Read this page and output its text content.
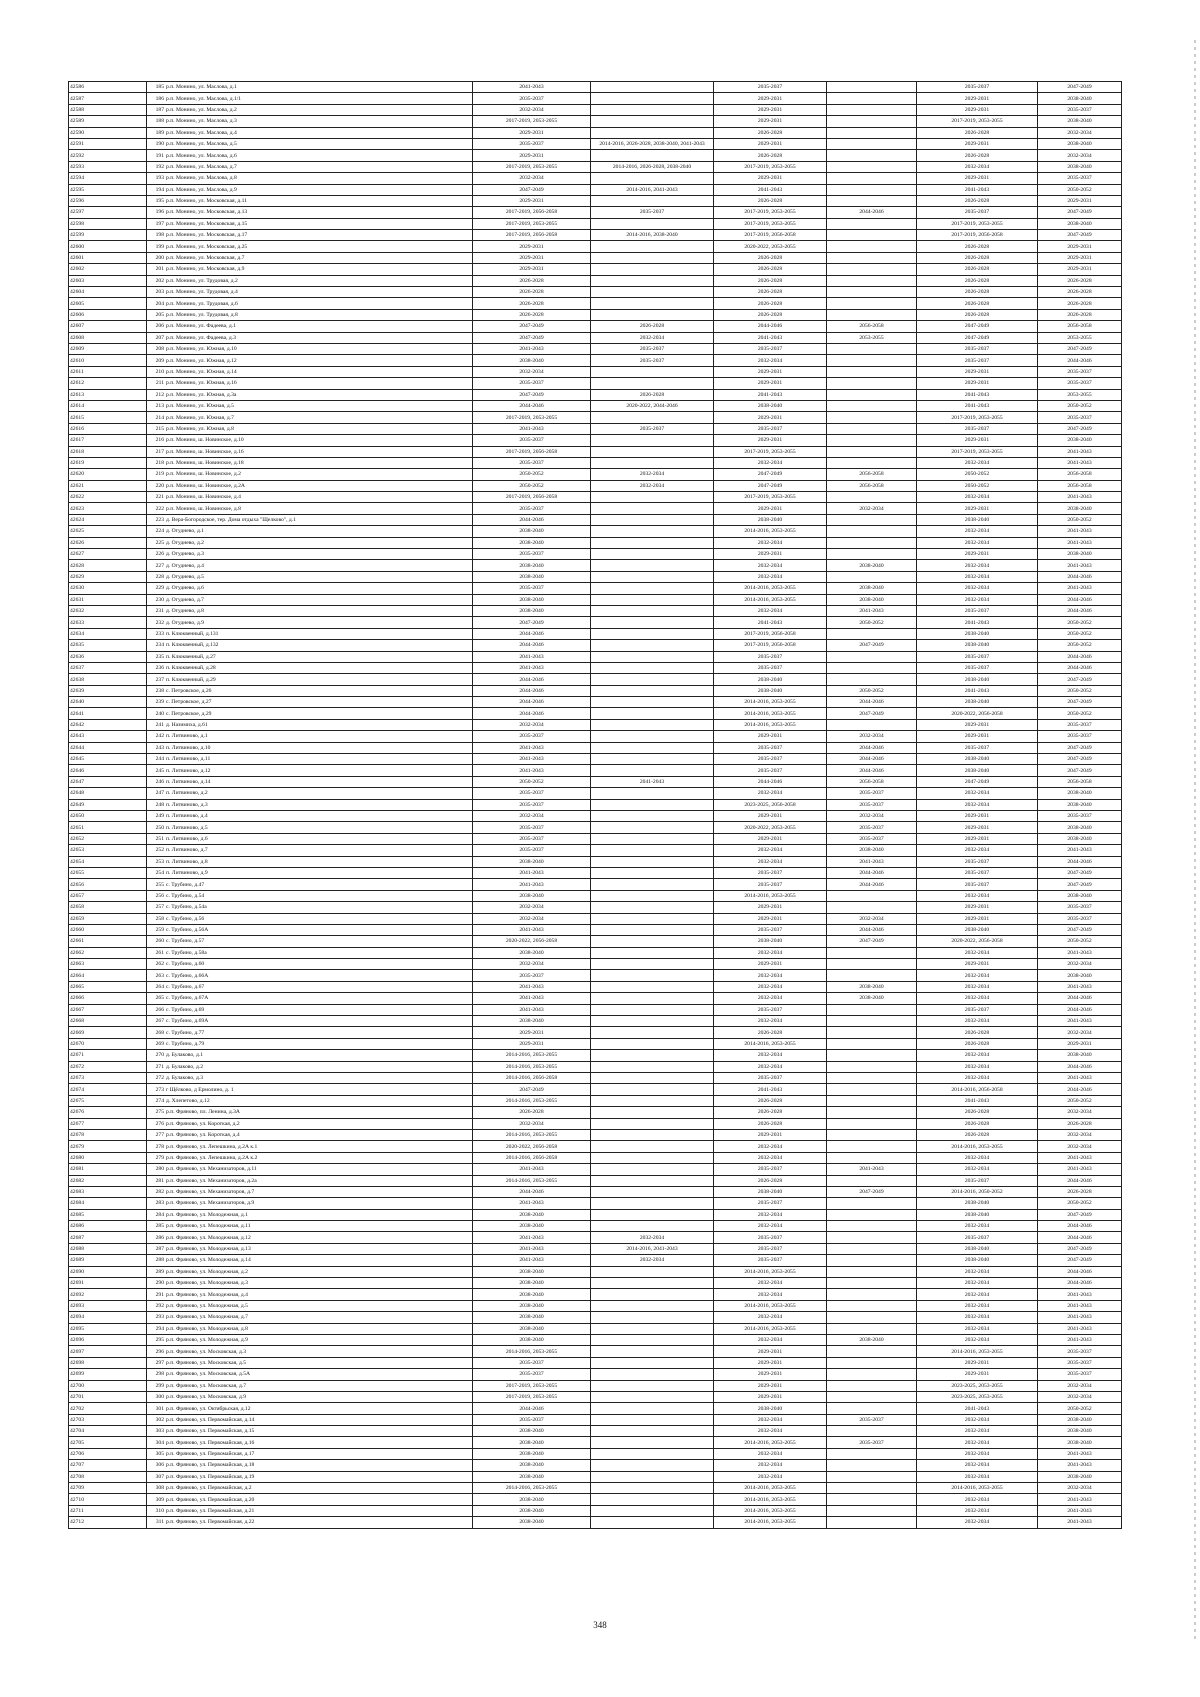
42586	185	р.п. Монино, ул. Маслова, д.1	2041-2043		2035-2037		2035-2037	2047-2049
42587	186	р.п. Монино, ул. Маслова, д.1/1	2035-2037		2029-2031		2029-2031	2038-2040
42588	187	р.п. Монино, ул. Маслова, д.2	2032-2034		2029-2031		2029-2031	2035-2037
42589	188	р.п. Монино, ул. Маслова, д.3	2017-2019, 2053-2055		2029-2031		2017-2019, 2053-2055	2038-2040
42590	189	р.п. Монино, ул. Маслова, д.4	2029-2031		2026-2028		2026-2028	2032-2034
42591	190	р.п. Монино, ул. Маслова, д.5	2035-2037	2014-2016, 2026-2028, 2038-2040, 2041-2043	2029-2031		2029-2031	2038-2040
42592	191	р.п. Монино, ул. Маслова, д.6	2029-2031		2026-2028		2026-2028	2032-2034
42593	192	р.п. Монино, ул. Маслова, д.7	2017-2019, 2053-2055	2014-2016, 2026-2028, 2038-2040	2017-2019, 2053-2055		2032-2034	2038-2040
42594	193	р.п. Монино, ул. Маслова, д.8	2032-2034		2029-2031		2029-2031	2035-2037
42595	194	р.п. Монино, ул. Маслова, д.9	2047-2049	2014-2016, 2041-2043	2041-2043		2041-2043	2050-2052
42596	195	р.п. Монино, ул. Московская, д.11	2029-2031		2026-2028		2026-2028	2029-2031
42597	196	р.п. Монино, ул. Московская, д.13	2017-2019, 2056-2058	2035-2037	2017-2019, 2053-2055	2044-2046	2035-2037	2047-2049
42598	197	р.п. Монино, ул. Московская, д.15	2017-2019, 2053-2055		2017-2019, 2053-2055		2017-2019, 2053-2055	2038-2040
42599	198	р.п. Монино, ул. Московская, д.17	2017-2019, 2056-2058	2014-2016, 2038-2040	2017-2019, 2056-2058		2017-2019, 2056-2058	2047-2049
42600	199	р.п. Монино, ул. Московская, д.25	2029-2031		2020-2022, 2053-2055		2026-2028	2029-2031
42601	200	р.п. Монино, ул. Московская, д.7	2029-2031		2026-2028		2026-2028	2029-2031
42602	201	р.п. Монино, ул. Московская, д.9	2029-2031		2026-2028		2026-2028	2029-2031
42603	202	р.п. Монино, ул. Трудовая, д.2	2026-2028		2026-2028		2026-2028	2026-2028
42604	203	р.п. Монино, ул. Трудовая, д.4	2026-2028		2026-2028		2026-2028	2026-2028
42605	204	р.п. Монино, ул. Трудовая, д.6	2026-2028		2026-2028		2026-2028	2026-2028
42606	205	р.п. Монино, ул. Трудовая, д.8	2026-2028		2026-2028		2026-2028	2026-2028
42607	206	р.п. Монино, ул. Фадеева, д.1	2047-2049	2026-2028	2044-2046	2056-2058	2047-2049	2056-2058
42608	207	р.п. Монино, ул. Фадеева, д.3	2047-2049	2032-2034	2041-2043	2053-2055	2047-2049	2053-2055
42609	208	р.п. Монино, ул. Южная, д.10	2041-2043	2035-2037	2035-2037		2035-2037	2047-2049
42610	209	р.п. Монино, ул. Южная, д.12	2038-2040	2035-2037	2032-2034		2035-2037	2044-2046
42611	210	р.п. Монино, ул. Южная, д.14	2032-2034		2029-2031		2029-2031	2035-2037
42612	211	р.п. Монино, ул. Южная, д.16	2035-2037		2029-2031		2029-2031	2035-2037
42613	212	р.п. Монино, ул. Южная, д.3а	2047-2049	2026-2028	2041-2043		2041-2043	2053-2055
42614	213	р.п. Монино, ул. Южная, д.5	2044-2046	2020-2022, 2044-2046	2038-2040		2041-2043	2050-2052
42615	214	р.п. Монино, ул. Южная, д.7	2017-2019, 2053-2055		2029-2031		2017-2019, 2053-2055	2035-2037
42616	215	р.п. Монино, ул. Южная, д.8	2041-2043	2035-2037	2035-2037		2035-2037	2047-2049
42617	216	р.п. Монино, ш. Новинское, д.10	2035-2037		2029-2031		2029-2031	2038-2040
42618	217	р.п. Монино, ш. Новинское, д.16	2017-2019, 2056-2058		2017-2019, 2053-2055		2017-2019, 2053-2055	2041-2043
42619	218	р.п. Монино, ш. Новинское, д.18	2035-2037		2032-2034		2032-2034	2041-2043
42620	219	р.п. Монино, ш. Новинское, д.2	2050-2052	2032-2034	2047-2049	2056-2058	2050-2052	2056-2058
42621	220	р.п. Монино, ш. Новинское, д.2А	2050-2052	2032-2034	2047-2049	2056-2058	2050-2052	2056-2058
42622	221	р.п. Монино, ш. Новинское, д.4	2017-2019, 2056-2058		2017-2019, 2053-2055		2032-2034	2041-2043
42623	222	р.п. Монино, ш. Новинское, д.8	2035-2037		2029-2031	2032-2034	2029-2031	2038-2040
42624	223	д. Вера-Богородское, тер. Дома отдыха "Щелково", д.1	2044-2046		2038-2040		2038-2040	2050-2052
42625	224	д. Огуднево, д.1	2038-2040		2014-2016, 2053-2055		2032-2034	2041-2043
42626	225	д. Огуднево, д.2	2038-2040		2032-2034		2032-2034	2041-2043
42627	226	д. Огуднево, д.3	2035-2037		2029-2031		2029-2031	2038-2040
42628	227	д. Огуднево, д.4	2038-2040		2032-2034	2038-2040	2032-2034	2041-2043
42629	228	д. Огуднево, д.5	2038-2040		2032-2034		2032-2034	2044-2046
42630	229	д. Огуднево, д.6	2035-2037		2014-2016, 2053-2055	2038-2040	2032-2034	2041-2043
42631	230	д. Огуднево, д.7	2038-2040		2014-2016, 2053-2055	2038-2040	2032-2034	2044-2046
42632	231	д. Огуднево, д.8	2038-2040		2032-2034	2041-2043	2035-2037	2044-2046
42633	232	д. Огуднево, д.9	2047-2049		2041-2043	2050-2052	2041-2043	2050-2052
42634	233	п. Клюквенный, д.131	2044-2046		2017-2019, 2056-2058		2038-2040	2050-2052
42635	234	п. Клюквенный, д.132	2044-2046		2017-2019, 2056-2058	2047-2049	2038-2040	2050-2052
42636	235	п. Клюквенный, д.27	2041-2043		2035-2037		2035-2037	2044-2046
42637	236	п. Клюквенный, д.28	2041-2043		2035-2037		2035-2037	2044-2046
42638	237	п. Клюквенный, д.29	2044-2046		2038-2040		2038-2040	2047-2049
42639	238	с. Петровское, д.26	2044-2046		2038-2040	2050-2052	2041-2043	2050-2052
42640	239	с. Петровское, д.27	2044-2046		2014-2016, 2053-2055	2044-2046	2038-2040	2047-2049
42641	240	с. Петровское, д.29	2044-2046		2014-2016, 2053-2055	2047-2049	2020-2022, 2056-2058	2050-2052
42642	241	д. Назимиха, д.61	2032-2034		2014-2016, 2053-2055		2029-2031	2035-2037
42643	242	п. Литвиново, д.1	2035-2037		2029-2031	2032-2034	2029-2031	2035-2037
42644	243	п. Литвиново, д.10	2041-2043		2035-2037	2044-2046	2035-2037	2047-2049
42645	244	п. Литвиново, д.11	2041-2043		2035-2037	2044-2046	2038-2040	2047-2049
42646	245	п. Литвиново, д.12	2041-2043		2035-2037	2044-2046	2038-2040	2047-2049
42647	246	п. Литвиново, д.14	2050-2052	2041-2043	2044-2046	2056-2058	2047-2049	2056-2058
42648	247	п. Литвиново, д.2	2035-2037		2032-2034	2035-2037	2032-2034	2038-2040
42649	248	п. Литвиново, д.3	2035-2037		2023-2025, 2056-2058	2035-2037	2032-2034	2038-2040
42650	249	п. Литвиново, д.4	2032-2034		2029-2031	2032-2034	2029-2031	2035-2037
42651	250	п. Литвиново, д.5	2035-2037		2020-2022, 2053-2055	2035-2037	2029-2031	2038-2040
42652	251	п. Литвиново, д.6	2035-2037		2029-2031	2035-2037	2029-2031	2038-2040
42653	252	п. Литвиново, д.7	2035-2037		2032-2034	2038-2040	2032-2034	2041-2043
42654	253	п. Литвиново, д.8	2038-2040		2032-2034	2041-2043	2035-2037	2044-2046
42655	254	п. Литвиново, д.9	2041-2043		2035-2037	2044-2046	2035-2037	2047-2049
42656	255	с. Трубино, д.47	2041-2043		2035-2037	2044-2046	2035-2037	2047-2049
42657	256	с. Трубино, д.54	2038-2040		2014-2016, 2053-2055		2032-2034	2038-2040
42658	257	с. Трубино, д.54а	2032-2034		2029-2031		2029-2031	2035-2037
42659	258	с. Трубино, д.56	2032-2034		2029-2031	2032-2034	2029-2031	2035-2037
42660	259	с. Трубино, д.56А	2041-2043		2035-2037	2044-2046	2038-2040	2047-2049
42661	260	с. Трубино, д.57	2020-2022, 2056-2058		2038-2040	2047-2049	2020-2022, 2056-2058	2050-2052
42662	261	с. Трубино, д.58а	2038-2040		2032-2034		2032-2034	2041-2043
42663	262	с. Трубино, д.60	2032-2034		2029-2031		2029-2031	2032-2034
42664	263	с. Трубино, д.66А	2035-2037		2032-2034		2032-2034	2038-2040
42665	264	с. Трубино, д.67	2041-2043		2032-2034	2038-2040	2032-2034	2041-2043
42666	265	с. Трубино, д.67А	2041-2043		2032-2034	2038-2040	2032-2034	2044-2046
42667	266	с. Трубино, д.69	2041-2043		2035-2037		2035-2037	2044-2046
42668	267	с. Трубино, д.69А	2038-2040		2032-2034		2032-2034	2041-2043
42669	268	с. Трубино, д.77	2029-2031		2026-2028		2026-2028	2032-2034
42670	269	с. Трубино, д.79	2029-2031		2014-2016, 2053-2055		2026-2028	2029-2031
42671	270	д. Булаково, д.1	2014-2016, 2053-2055		2032-2034		2032-2034	2038-2040
42672	271	д. Булаково, д.2	2014-2016, 2053-2055		2032-2034		2032-2034	2044-2046
42673	272	д. Булаково, д.3	2014-2016, 2056-2058		2035-2037		2032-2034	2041-2043
42674	273	г Щёлково, д Ермолино, д. 1	2047-2049		2041-2043		2014-2016, 2056-2058	2044-2046
42675	274	д. Хлепетово, д.12	2014-2016, 2053-2055		2026-2028		2041-2043	2050-2052
42676	275	р.п. Фряново, пл. Ленина, д.3А	2026-2028		2026-2028		2026-2028	2032-2034
42677	276	р.п. Фряново, ул. Короткая, д.2	2032-2034		2026-2028		2026-2028	2026-2028
42678	277	р.п. Фряново, ул. Короткая, д.4	2014-2016, 2053-2055		2029-2031		2026-2028	2032-2034
42679	278	р.п. Фряново, ул. Лепешкина, д.2А к.1	2020-2022, 2056-2058		2032-2034		2014-2016, 2053-2055	2032-2034
42680	279	р.п. Фряново, ул. Лепешкина, д.2А к.2	2014-2016, 2056-2058		2032-2034		2032-2034	2041-2043
42681	280	р.п. Фряново, ул. Механизаторов, д.11	2041-2043		2035-2037	2041-2043	2032-2034	2041-2043
42682	281	р.п. Фряново, ул. Механизаторов, д.2а	2014-2016, 2053-2055		2026-2028		2035-2037	2044-2046
42683	282	р.п. Фряново, ул. Механизаторов, д.7	2044-2046		2038-2040	2047-2049	2014-2016, 2050-2052	2026-2028
42684	283	р.п. Фряново, ул. Механизаторов, д.9	2041-2043		2035-2037		2038-2040	2050-2052
42685	284	р.п. Фряново, ул. Молодежная, д.1	2038-2040		2032-2034		2038-2040	2047-2049
42686	285	р.п. Фряново, ул. Молодежная, д.11	2038-2040		2032-2034		2032-2034	2044-2046
42687	286	р.п. Фряново, ул. Молодежная, д.12	2041-2043	2032-2034	2035-2037		2035-2037	2044-2046
42688	287	р.п. Фряново, ул. Молодежная, д.13	2041-2043	2014-2016, 2041-2043	2035-2037		2038-2040	2047-2049
42689	288	р.п. Фряново, ул. Молодежная, д.14	2041-2043	2032-2034	2035-2037		2038-2040	2047-2049
42690	289	р.п. Фряново, ул. Молодежная, д.2	2038-2040		2014-2016, 2053-2055		2032-2034	2044-2046
42691	290	р.п. Фряново, ул. Молодежная, д.3	2038-2040		2032-2034		2032-2034	2044-2046
42692	291	р.п. Фряново, ул. Молодежная, д.4	2038-2040		2032-2034		2032-2034	2041-2043
42693	292	р.п. Фряново, ул. Молодежная, д.5	2038-2040		2014-2016, 2053-2055		2032-2034	2041-2043
42694	293	р.п. Фряново, ул. Молодежная, д.7	2038-2040		2032-2034		2032-2034	2041-2043
42695	294	р.п. Фряново, ул. Молодежная, д.8	2038-2040		2014-2016, 2053-2055		2032-2034	2041-2043
42696	295	р.п. Фряново, ул. Молодежная, д.9	2038-2040		2032-2034	2038-2040	2032-2034	2041-2043
42697	296	р.п. Фряново, ул. Московская, д.3	2014-2016, 2053-2055		2029-2031		2014-2016, 2053-2055	2035-2037
42698	297	р.п. Фряново, ул. Московская, д.5	2035-2037		2029-2031		2029-2031	2035-2037
42699	298	р.п. Фряново, ул. Московская, д.5А	2035-2037		2029-2031		2029-2031	2035-2037
42700	299	р.п. Фряново, ул. Московская, д.7	2017-2019, 2053-2055		2029-2031		2023-2025, 2053-2055	2032-2034
42701	300	р.п. Фряново, ул. Московская, д.9	2017-2019, 2053-2055		2029-2031		2023-2025, 2053-2055	2032-2034
42702	301	р.п. Фряново, ул. Октябрьская, д.12	2044-2046		2038-2040		2041-2043	2050-2052
42703	302	р.п. Фряново, ул. Первомайская, д.14	2035-2037		2032-2034	2035-2037	2032-2034	2038-2040
42704	303	р.п. Фряново, ул. Первомайская, д.15	2038-2040		2032-2034		2032-2034	2038-2040
42705	304	р.п. Фряново, ул. Первомайская, д.16	2038-2040		2014-2016, 2053-2055	2035-2037	2032-2034	2038-2040
42706	305	р.п. Фряново, ул. Первомайская, д.17	2038-2040		2032-2034		2032-2034	2041-2043
42707	306	р.п. Фряново, ул. Первомайская, д.18	2038-2040		2032-2034		2032-2034	2041-2043
42708	307	р.п. Фряново, ул. Первомайская, д.19	2038-2040		2032-2034		2032-2034	2038-2040
42709	308	р.п. Фряново, ул. Первомайская, д.2	2014-2016, 2053-2055		2014-2016, 2053-2055		2014-2016, 2053-2055	2032-2034
42710	309	р.п. Фряново, ул. Первомайская, д.20	2038-2040		2014-2016, 2053-2055		2032-2034	2041-2043
42711	310	р.п. Фряново, ул. Первомайская, д.21	2038-2040		2014-2016, 2053-2055		2032-2034	2041-2043
42712	311	р.п. Фряново, ул. Первомайская, д.22	2038-2040		2014-2016, 2053-2055		2032-2034	2041-2043
348
